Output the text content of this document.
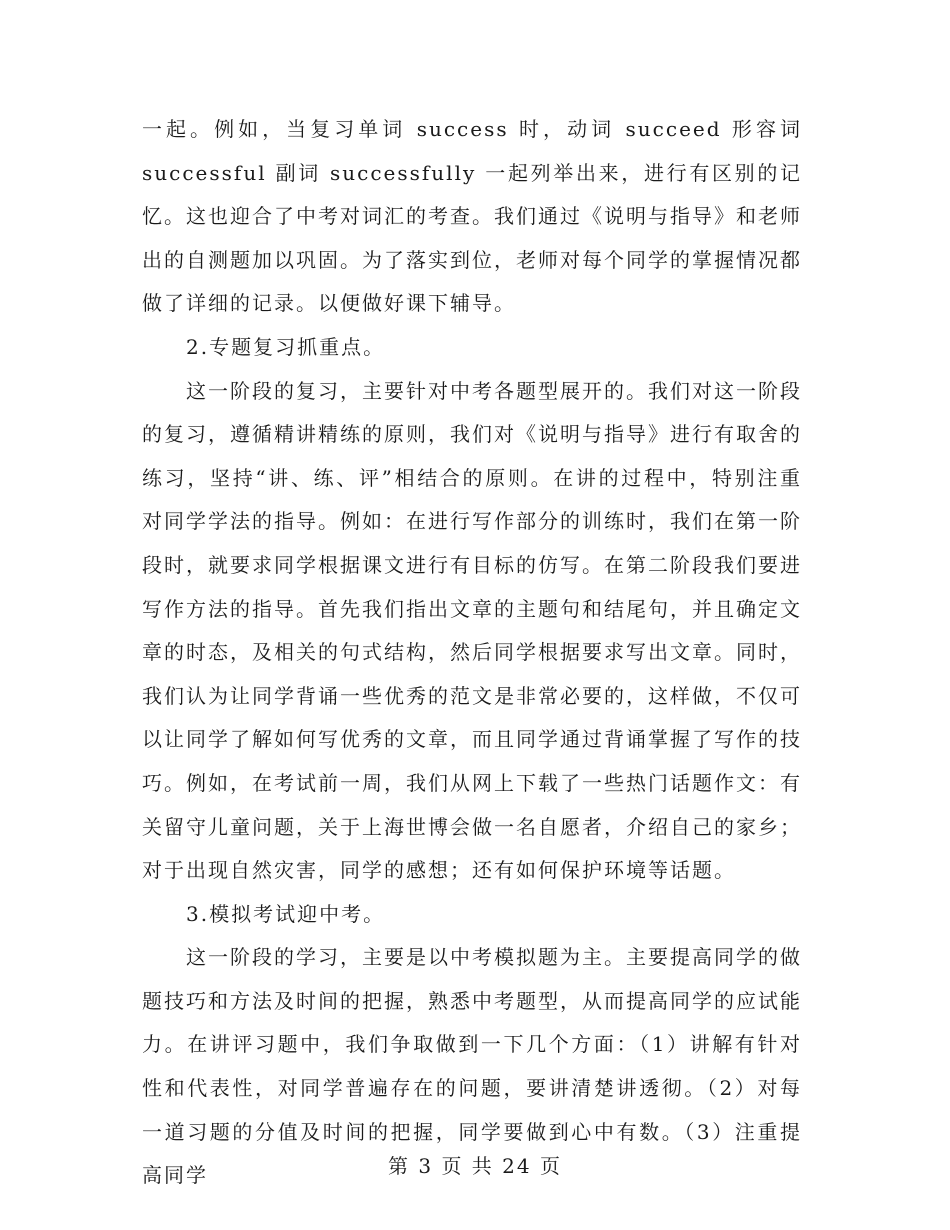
一起。例如，当复习单词 success 时，动词 succeed 形容词 successful 副词 successfully 一起列举出来，进行有区别的记忆。这也迎合了中考对词汇的考查。我们通过《说明与指导》和老师出的自测题加以巩固。为了落实到位，老师对每个同学的掌握情况都做了详细的记录。以便做好课下辅导。

2.专题复习抓重点。

这一阶段的复习，主要针对中考各题型展开的。我们对这一阶段的复习，遵循精讲精练的原则，我们对《说明与指导》进行有取舍的练习，坚持“讲、练、评”相结合的原则。在讲的过程中，特别注重对同学学法的指导。例如：在进行写作部分的训练时，我们在第一阶段时，就要求同学根据课文进行有目标的仿写。在第二阶段我们要进写作方法的指导。首先我们指出文章的主题句和结尾句，并且确定文章的时态，及相关的句式结构，然后同学根据要求写出文章。同时，我们认为让同学背诵一些优秀的范文是非常必要的，这样做，不仅可以让同学了解如何写优秀的文章，而且同学通过背诵掌握了写作的技巧。例如，在考试前一周，我们从网上下载了一些热门话题作文：有关留守儿童问题，关于上海世博会做一名自愿者，介绍自己的家乡；对于出现自然灾害，同学的感想；还有如何保护环境等话题。

3.模拟考试迎中考。

这一阶段的学习，主要是以中考模拟题为主。主要提高同学的做题技巧和方法及时间的把握，熟悉中考题型，从而提高同学的应试能力。在讲评习题中，我们争取做到一下几个方面：（1）讲解有针对性和代表性，对同学普遍存在的问题，要讲清楚讲透彻。（2）对每一道习题的分值及时间的把握，同学要做到心中有数。（3）注重提高同学	第 3 页 共 24 页
